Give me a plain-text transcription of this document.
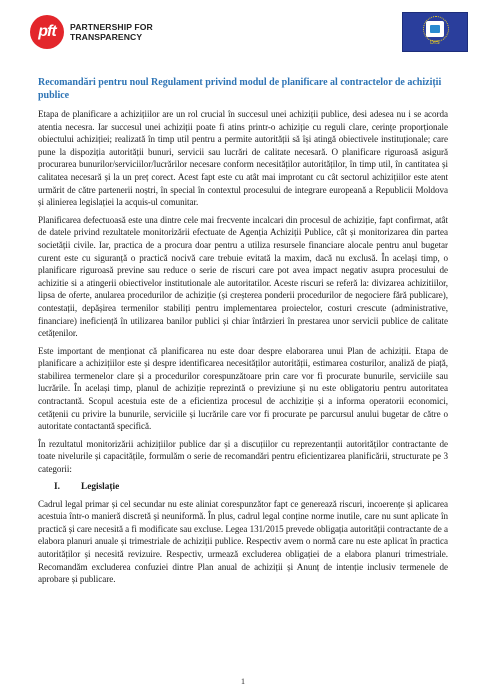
pft PARTNERSHIP FOR
TRANSPARENCY
DIS
Recomandări pentru noul Regulament privind modul de planificare al contractelor de achiziții publice

Etapa de planificare a achizițiilor are un rol crucial în succesul unei achiziții publice, desi adesea nu i se acorda atentia necesra. Iar succesul unei achiziții poate fi atins printr-o achiziție cu reguli clare, cerințe proporționale obiectului achiziției; realizată în timp util pentru a permite autorității să își atingă obiectivele instituționale; care pune la dispoziția autorității bunuri, servicii sau lucrări de calitate necesară. O planificare riguroasă asigură procurarea bunurilor/serviciilor/lucrărilor necesare conform necesităților autorităților, în timp util, în cantitatea și calitatea necesară și la un preț corect. Acest fapt este cu atât mai improtant cu cât sectorul achizițiilor este atent urmărit de către partenerii noștri, în special în contextul procesului de integrare europeană a Republicii Moldova și alinierea legislației la acquis-ul comunitar.

Planificarea defectuoasă este una dintre cele mai frecvente incalcari din procesul de achiziție, fapt confirmat, atât de datele privind rezultatele monitorizării efectuate de Agenția Achiziții Publice, cât și monitorizarea din partea societății civile. Iar, practica de a procura doar pentru a utiliza resursele financiare alocale pentru anul bugetar curent este cu siguranță o practică nocivă care trebuie evitată la maxim, dacă nu exclusă. În același timp, o planificare riguroasă previne sau reduce o serie de riscuri care pot avea impact negativ asupra procesului de achizitie si a atingerii obiectivelor institutionale ale autoritatilor. Aceste riscuri se referă la: divizarea achizitiilor, lipsa de oferte, anularea procedurilor de achiziție (și creșterea ponderii procedurilor de negociere fără publicare), contestații, depășirea termenilor stabiliți pentru implementarea proiectelor, costuri crescute (administrative, financiare) ineficiență în utilizarea banilor publici și chiar întârzieri în prestarea unor servicii publice de calitate cetățenilor.

Este important de menționat că planificarea nu este doar despre elaborarea unui Plan de achiziții. Etapa de planificare a achizițiilor este și despre identificarea necesităților autorității, estimarea costurilor, analiză de piață, stabilirea termenelor clare și a procedurilor corespunzătoare prin care vor fi procurate bunurile, serviciile sau lucrările. În același timp, planul de achiziție reprezintă o previziune și nu este obligatoriu pentru autoritatea contractantă. Scopul acestuia este de a eficientiza procesul de acchiziție și a informa operatorii economici, cetățenii cu privire la bunurile, serviciile și lucrările care vor fi procurate pe parcursul anului bugetar de către o autoritate contactantă specifică.

În rezultatul monitorizării achizițiilor publice dar și a discuțiilor cu reprezentanții autorităților contractante de toate nivelurile și capacitățile, formulăm o serie de recomandări pentru eficientizarea planificării, structurate pe 3 categorii:

I.	Legislație

Cadrul legal primar și cel secundar nu este aliniat corespunzător fapt ce generează riscuri, incoerențe și aplicarea acestuia într-o manieră discretă și neuniformă. În plus, cadrul legal conține norme inutile, care nu sunt aplicate în practică și care necesită a fi modificate sau excluse. Legea 131/2015 prevede obligația autorității contractante de a elabora planuri anuale și trimestriale de achiziții publice. Respectiv avem o normă care nu este aplicat în practica autorităților și necesită revizuire. Respectiv, urmează excluderea obligației de a elabora planuri trimestriale. Recomandăm excluderea confuziei dintre Plan anual de achiziții și Anunț de intenție inclusiv termenele de aprobare și publicare.

1
